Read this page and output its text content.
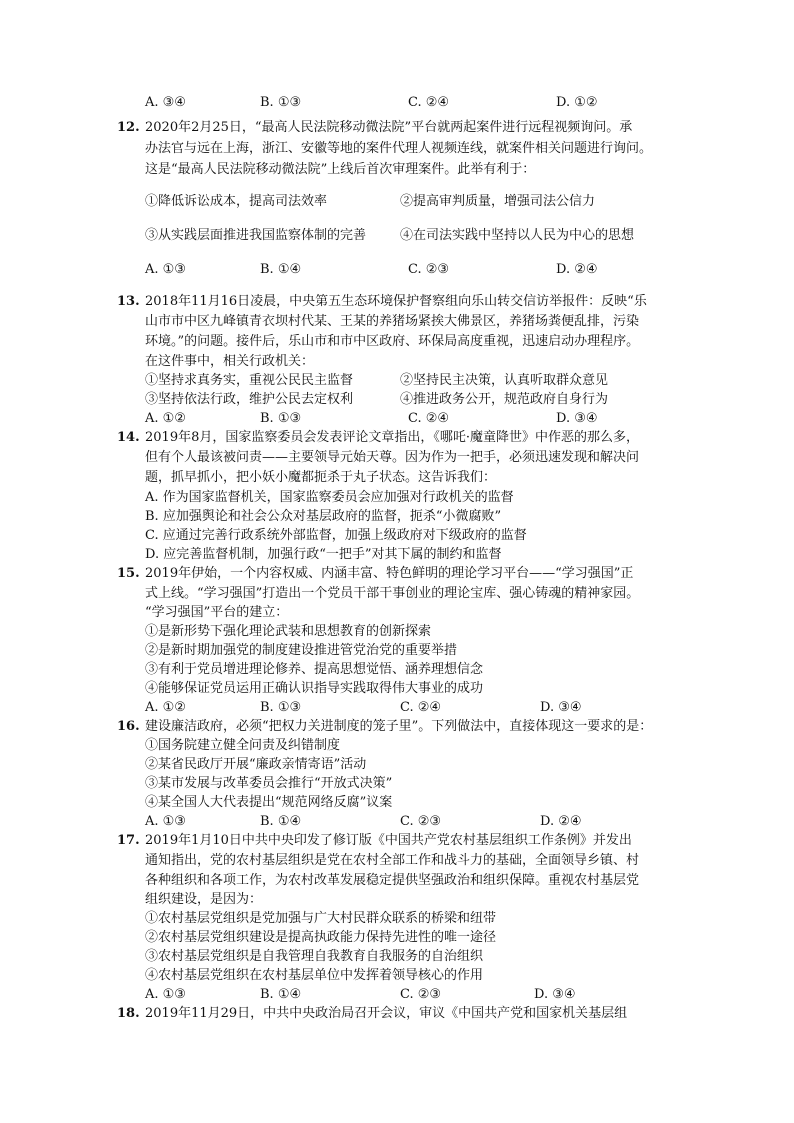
A. ③④	B. ①③	C. ②④	D. ①②
12. 2020年2月25日，“最高人民法院移动微法院”平台就两起案件进行远程视频询问。承
办法官与远在上海，浙江、安徽等地的案件代理人视频连线，就案件相关问题进行询问。
这是“最高人民法院移动微法院”上线后首次审理案件。此举有利于：
①降低诉讼成本，提高司法效率	②提高审判质量，增强司法公信力
③从实践层面推进我国监察体制的完善	④在司法实践中坚持以人民为中心的思想
A. ①③	B. ①④	C. ②③	D. ②④
13. 2018年11月16日凌晨，中央第五生态环境保护督察组向乐山转交信访举报件：反映“乐
山市市中区九峰镇青衣坝村代某、王某的养猪场紧挨大佛景区，养猪场粪便乱排，污染
环境。”的问题。接件后，乐山市和市中区政府、环保局高度重视，迅速启动办理程序。
在这件事中，相关行政机关：
①坚持求真务实，重视公民民主监督	②坚持民主决策，认真听取群众意见
③坚持依法行政，维护公民去定权利	④推进政务公开，规范政府自身行为
A. ①②	B. ①③	C. ②④	D. ③④
14. 2019年8月，国家监察委员会发表评论文章指出，《哪吒·魔童降世》中作恶的那么多，
但有个人最该被问责——主要领导元始天尊。因为作为一把手，必须迅速发现和解决问
题，抓早抓小，把小妖小魔都扼杀于丸子状态。这告诉我们：
A. 作为国家监督机关，国家监察委员会应加强对行政机关的监督
B. 应加强舆论和社会公众对基层政府的监督，扼杀“小微腐败”
C. 应通过完善行政系统外部监督，加强上级政府对下级政府的监督
D. 应完善监督机制，加强行政“一把手”对其下属的制约和监督
15. 2019年伊始，一个内容权威、内涵丰富、特色鲜明的理论学习平台——“学习强国”正
式上线。“学习强国”打造出一个党员干部干事创业的理论宝库、强心铸魂的精神家园。
“学习强国”平台的建立：
①是新形势下强化理论武装和思想教育的创新探索
②是新时期加强党的制度建设推进管党治党的重要举措
③有利于党员增进理论修养、提高思想觉悟、涵养理想信念
④能够保证党员运用正确认识指导实践取得伟大事业的成功
A. ①②	B. ①③	C. ②④	D. ③④
16. 建设廉洁政府，必须“把权力关进制度的笼子里”。下列做法中，直接体现这一要求的是：
①国务院建立健全问责及纠错制度
②某省民政厅开展“廉政亲情寄语”活动
③某市发展与改革委员会推行“开放式决策”
④某全国人大代表提出“规范网络反腐”议案
A. ①③	B. ①④	C. ②③	D. ②④
17. 2019年1月10日中共中央印发了修订版《中国共产党农村基层组织工作条例》并发出
通知指出，党的农村基层组织是党在农村全部工作和战斗力的基础，全面领导乡镇、村
各种组织和各项工作，为农村改革发展稳定提供坚强政治和组织保障。重视农村基层党
组织建设，是因为：
①农村基层党组织是党加强与广大村民群众联系的桥梁和纽带
②农村基层党组织建设是提高执政能力保持先进性的唯一途径
③农村基层党组织是自我管理自我教育自我服务的自治组织
④农村基层党组织在农村基层单位中发挥着领导核心的作用
A. ①③	B. ①④	C. ②③	D. ③④
18. 2019年11月29日，中共中央政治局召开会议，审议《中国共产党和国家机关基层组
